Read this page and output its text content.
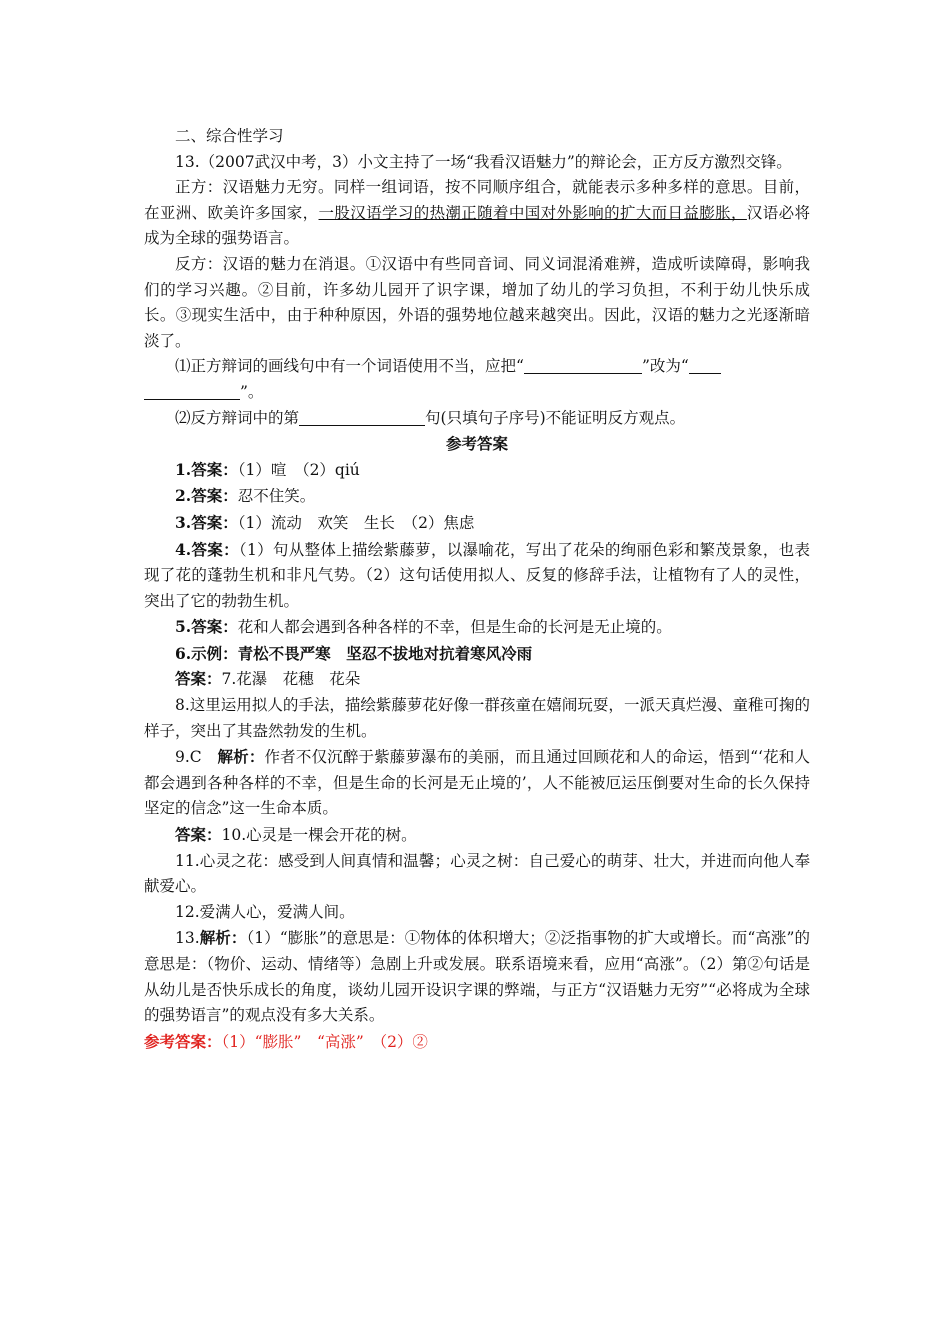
二、综合性学习

13.（2007武汉中考，3）小文主持了一场“我看汉语魅力”的辩论会，正方反方激烈交锋。

正方：汉语魅力无穷。同样一组词语，按不同顺序组合，就能表示多种多样的意思。目前，在亚洲、欧美许多国家，一股汉语学习的热潮正随着中国对外影响的扩大而日益膨胀，汉语必将成为全球的强势语言。

反方：汉语的魅力在消退。①汉语中有些同音词、同义词混淆难辨，造成听读障碍，影响我们的学习兴趣。②目前，许多幼儿园开了识字课，增加了幼儿的学习负担，不利于幼儿快乐成长。③现实生活中，由于种种原因，外语的强势地位越来越突出。因此，汉语的魅力之光逐渐暗淡了。

⑴正方辩词的画线句中有一个词语使用不当，应把“	”改为“
”。

⑵反方辩词中的第	句(只填句子序号)不能证明反方观点。

参考答案

1.答案：（1）喧　（2）qiú

2.答案：忍不住笑。

3.答案：（1）流动　欢笑　生长　（2）焦虑

4.答案：（1）句从整体上描绘紫藤萝，以瀑喻花，写出了花朵的绚丽色彩和繁茂景象，也表现了花的蓬勃生机和非凡气势。（2）这句话使用拟人、反复的修辞手法，让植物有了人的灵性，突出了它的勃勃生机。

5.答案：花和人都会遇到各种各样的不幸，但是生命的长河是无止境的。

6.示例：青松不畏严寒　坚忍不拔地对抗着寒风冷雨

答案：7.花瀑　花穗　花朵

8.这里运用拟人的手法，描绘紫藤萝花好像一群孩童在嬉闹玩耍，一派天真烂漫、童稚可掬的样子，突出了其盎然勃发的生机。

9.C　解析：作者不仅沉醉于紫藤萝瀑布的美丽，而且通过回顾花和人的命运，悟到“‘花和人都会遇到各种各样的不幸，但是生命的长河是无止境的’，人不能被厄运压倒要对生命的长久保持坚定的信念”这一生命本质。

答案：10.心灵是一棵会开花的树。

11.心灵之花：感受到人间真情和温馨；心灵之树：自己爱心的萌芽、壮大，并进而向他人奉献爱心。

12.爱满人心，爱满人间。

13.解析：（1）“膨胀”的意思是：①物体的体积增大；②泛指事物的扩大或增长。而“高涨”的意思是：（物价、运动、情绪等）急剧上升或发展。联系语境来看，应用“高涨”。（2）第②句话是从幼儿是否快乐成长的角度，谈幼儿园开设识字课的弊端，与正方“汉语魅力无穷”“必将成为全球的强势语言”的观点没有多大关系。

参考答案：（1）“膨胀”　“高涨”　（2）②
